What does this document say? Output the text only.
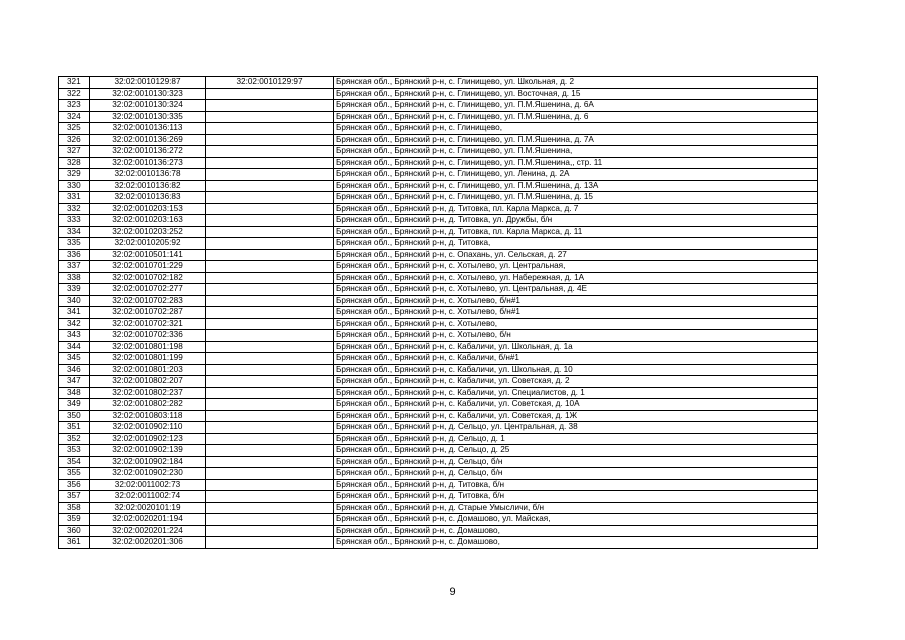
321	32:02:0010129:87	32:02:0010129:97	Брянская обл., Брянский р-н, с. Глинищево, ул. Школьная, д. 2
322	32:02:0010130:323		Брянская обл., Брянский р-н, с. Глинищево, ул. Восточная, д. 15
323	32:02:0010130:324		Брянская обл., Брянский р-н, с. Глинищево, ул. П.М.Яшенина, д. 6А
324	32:02:0010130:335		Брянская обл., Брянский р-н, с. Глинищево, ул. П.М.Яшенина, д. 6
325	32:02:0010136:113		Брянская обл., Брянский р-н, с. Глинищево,
326	32:02:0010136:269		Брянская обл., Брянский р-н, с. Глинищево, ул. П.М.Яшенина, д. 7А
327	32:02:0010136:272		Брянская обл., Брянский р-н, с. Глинищево, ул. П.М.Яшенина,
328	32:02:0010136:273		Брянская обл., Брянский р-н, с. Глинищево, ул. П.М.Яшенина,, стр. 11
329	32:02:0010136:78		Брянская обл., Брянский р-н, с. Глинищево, ул. Ленина, д. 2А
330	32:02:0010136:82		Брянская обл., Брянский р-н, с. Глинищево, ул. П.М.Яшенина, д. 13А
331	32:02:0010136:83		Брянская обл., Брянский р-н, с. Глинищево, ул. П.М.Яшенина, д. 15
332	32:02:0010203:153		Брянская обл., Брянский р-н, д. Титовка, пл. Карла Маркса, д. 7
333	32:02:0010203:163		Брянская обл., Брянский р-н, д. Титовка, ул. Дружбы, б/н
334	32:02:0010203:252		Брянская обл., Брянский р-н, д. Титовка, пл. Карла Маркса, д. 11
335	32:02:0010205:92		Брянская обл., Брянский р-н, д. Титовка,
336	32:02:0010501:141		Брянская обл., Брянский р-н, с. Опахань, ул. Сельская, д. 27
337	32:02:0010701:229		Брянская обл., Брянский р-н, с. Хотылево, ул. Центральная,
338	32:02:0010702:182		Брянская обл., Брянский р-н, с. Хотылево, ул. Набережная, д. 1А
339	32:02:0010702:277		Брянская обл., Брянский р-н, с. Хотылево, ул. Центральная, д. 4Е
340	32:02:0010702:283		Брянская обл., Брянский р-н, с. Хотылево, б/н#1
341	32:02:0010702:287		Брянская обл., Брянский р-н, с. Хотылево, б/н#1
342	32:02:0010702:321		Брянская обл., Брянский р-н, с. Хотылево,
343	32:02:0010702:336		Брянская обл., Брянский р-н, с. Хотылево, б/н
344	32:02:0010801:198		Брянская обл., Брянский р-н, с. Кабаличи, ул. Школьная, д. 1а
345	32:02:0010801:199		Брянская обл., Брянский р-н, с. Кабаличи, б/н#1
346	32:02:0010801:203		Брянская обл., Брянский р-н, с. Кабаличи, ул. Школьная, д. 10
347	32:02:0010802:207		Брянская обл., Брянский р-н, с. Кабаличи, ул. Советская, д. 2
348	32:02:0010802:237		Брянская обл., Брянский р-н, с. Кабаличи, ул. Специалистов, д. 1
349	32:02:0010802:282		Брянская обл., Брянский р-н, с. Кабаличи, ул. Советская, д. 10А
350	32:02:0010803:118		Брянская обл., Брянский р-н, с. Кабаличи, ул. Советская, д. 1Ж
351	32:02:0010902:110		Брянская обл., Брянский р-н, д. Сельцо, ул. Центральная, д. 38
352	32:02:0010902:123		Брянская обл., Брянский р-н, д. Сельцо, д. 1
353	32:02:0010902:139		Брянская обл., Брянский р-н, д. Сельцо, д. 25
354	32:02:0010902:184		Брянская обл., Брянский р-н, д. Сельцо, б/н
355	32:02:0010902:230		Брянская обл., Брянский р-н, д. Сельцо, б/н
356	32:02:0011002:73		Брянская обл., Брянский р-н, д. Титовка, б/н
357	32:02:0011002:74		Брянская обл., Брянский р-н, д. Титовка, б/н
358	32:02:0020101:19		Брянская обл., Брянский р-н, д. Старые Умысличи, б/н
359	32:02:0020201:194		Брянская обл., Брянский р-н, с. Домашово, ул. Майская,
360	32:02:0020201:224		Брянская обл., Брянский р-н, с. Домашово,
361	32:02:0020201:306		Брянская обл., Брянский р-н, с. Домашово,
9
